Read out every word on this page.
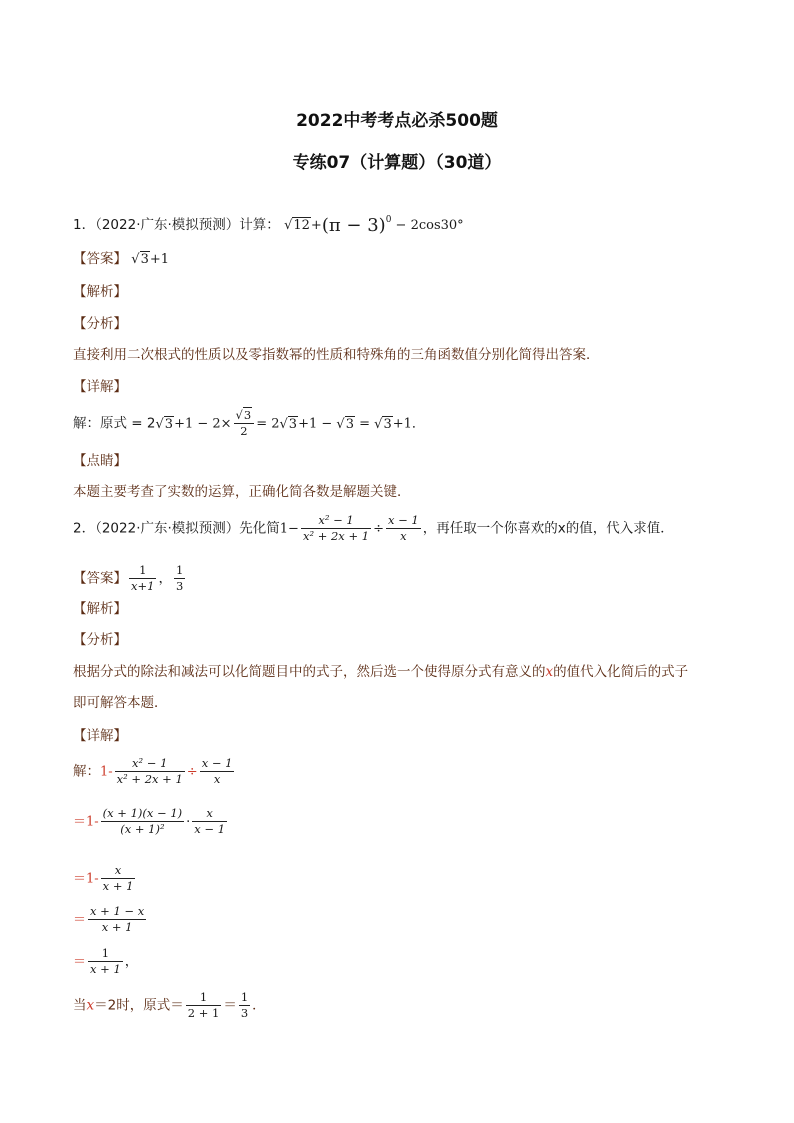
2022中考考点必杀500题
专练07（计算题）（30道）
1．（2022·广东·模拟预测）计算： $√12+(\pi - 3)^0 - 2\cos 30^\circ$
【答案】 √3+1
【解析】
【分析】
直接利用二次根式的性质以及零指数幂的性质和特殊角的三角函数值分别化简得出答案．
【详解】
解：原式 = $2√3+1 - 2\times \frac{√3}{2} = 2√3+1 - √3 = √3+1$．
【点睛】
本题主要考查了实数的运算，正确化简各数是解题关键．
2．（2022·广东·模拟预测）先化简$1- \frac{\text{x² − 1}}{\text{x² + 2x + 1}} \div \frac{x - 1}{x}$ ，再任取一个你喜欢的x的值，代入求值．
【答案】 $\frac{1}{x+1}$ ， $\frac{1}{3}$
【解析】
【分析】
根据分式的除法和减法可以化简题目中的式子，然后选一个使得原分式有意义的x的值代入化简后的式子
即可解答本题．
【详解】
解：$1- \frac{\text{x² − 1}}{\text{x² + 2x + 1}} \div \frac{x - 1}{x}$
$=1- \frac{(x + 1)(x - 1)}{\text{(x + 1)²}} \cdot \frac{x}{x - 1}$
$=1- \frac{x}{x + 1}$
＝ $\frac{x + 1 - x}{x + 1}$
＝ $\frac{1}{x + 1}$ ，
当x＝2时，原式＝ $\frac{1}{2 + 1} = \frac{1}{3}$ ．
